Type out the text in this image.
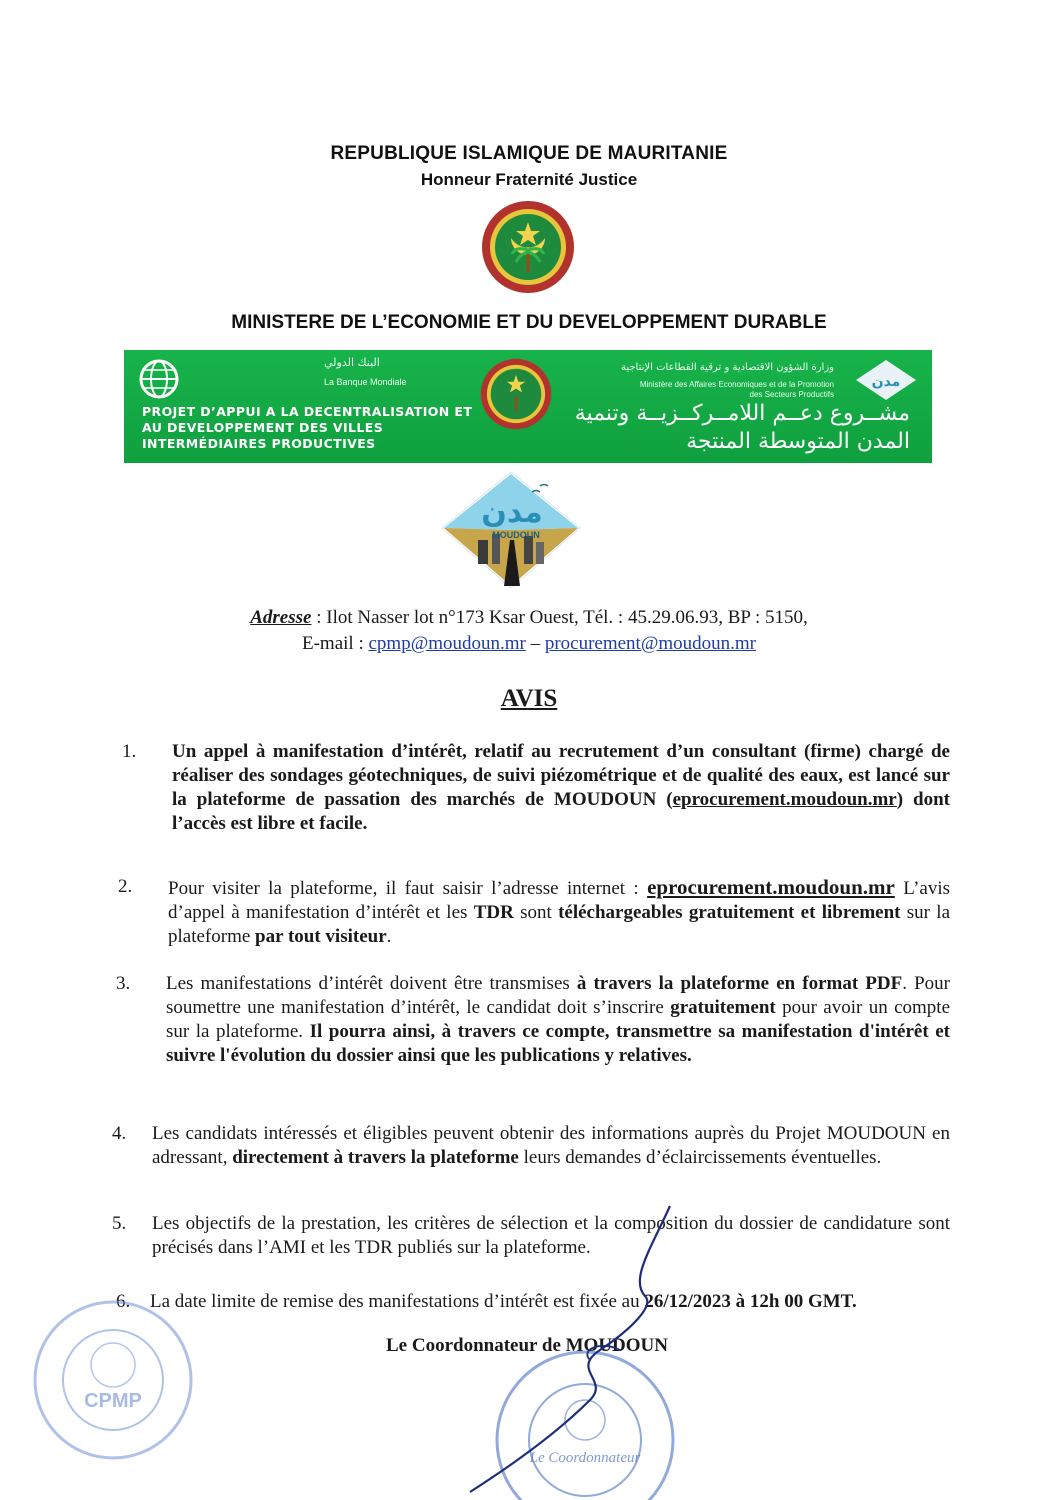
REPUBLIQUE ISLAMIQUE DE MAURITANIE
Honneur Fraternité Justice
MINISTERE DE L’ECONOMIE ET DU DEVELOPPEMENT DURABLE
البنك الدولي
La Banque Mondiale
PROJET D’APPUI A LA DECENTRALISATION ET AU DEVELOPPEMENT DES VILLES INTERMÉDIAIRES PRODUCTIVES
وزارة الشؤون الاقتصادية و ترقية القطاعات الإنتاجية
Ministère des Affaires Economiques et de la Promotion des Secteurs Productifs
مشــروع دعــم اللامــركــزيــة وتنمية المدن المتوسطة المنتجة
مدن
مدن
MOUDOUN
Adresse : Ilot Nasser lot n°173 Ksar Ouest, Tél. : 45.29.06.93, BP : 5150,
E-mail : cpmp@moudoun.mr – procurement@moudoun.mr
AVIS
1. Un appel à manifestation d’intérêt, relatif au recrutement d’un consultant (firme) chargé de réaliser des sondages géotechniques, de suivi piézométrique et de qualité des eaux, est lancé sur la plateforme de passation des marchés de MOUDOUN (eprocurement.moudoun.mr) dont l’accès est libre et facile.
2. Pour visiter la plateforme, il faut saisir l’adresse internet : eprocurement.moudoun.mr L’avis d’appel à manifestation d’intérêt et les TDR sont téléchargeables gratuitement et librement sur la plateforme par tout visiteur.
3. Les manifestations d’intérêt doivent être transmises à travers la plateforme en format PDF. Pour soumettre une manifestation d’intérêt, le candidat doit s’inscrire gratuitement pour avoir un compte sur la plateforme. Il pourra ainsi, à travers ce compte, transmettre sa manifestation d'intérêt et suivre l'évolution du dossier ainsi que les publications y relatives.
4. Les candidats intéressés et éligibles peuvent obtenir des informations auprès du Projet MOUDOUN en adressant, directement à travers la plateforme leurs demandes d’éclaircissements éventuelles.
5. Les objectifs de la prestation, les critères de sélection et la composition du dossier de candidature sont précisés dans l’AMI et les TDR publiés sur la plateforme.
6. La date limite de remise des manifestations d’intérêt est fixée au 26/12/2023 à 12h 00 GMT.
Le Coordonnateur de MOUDOUN
CPMP
Le Coordonnateur
